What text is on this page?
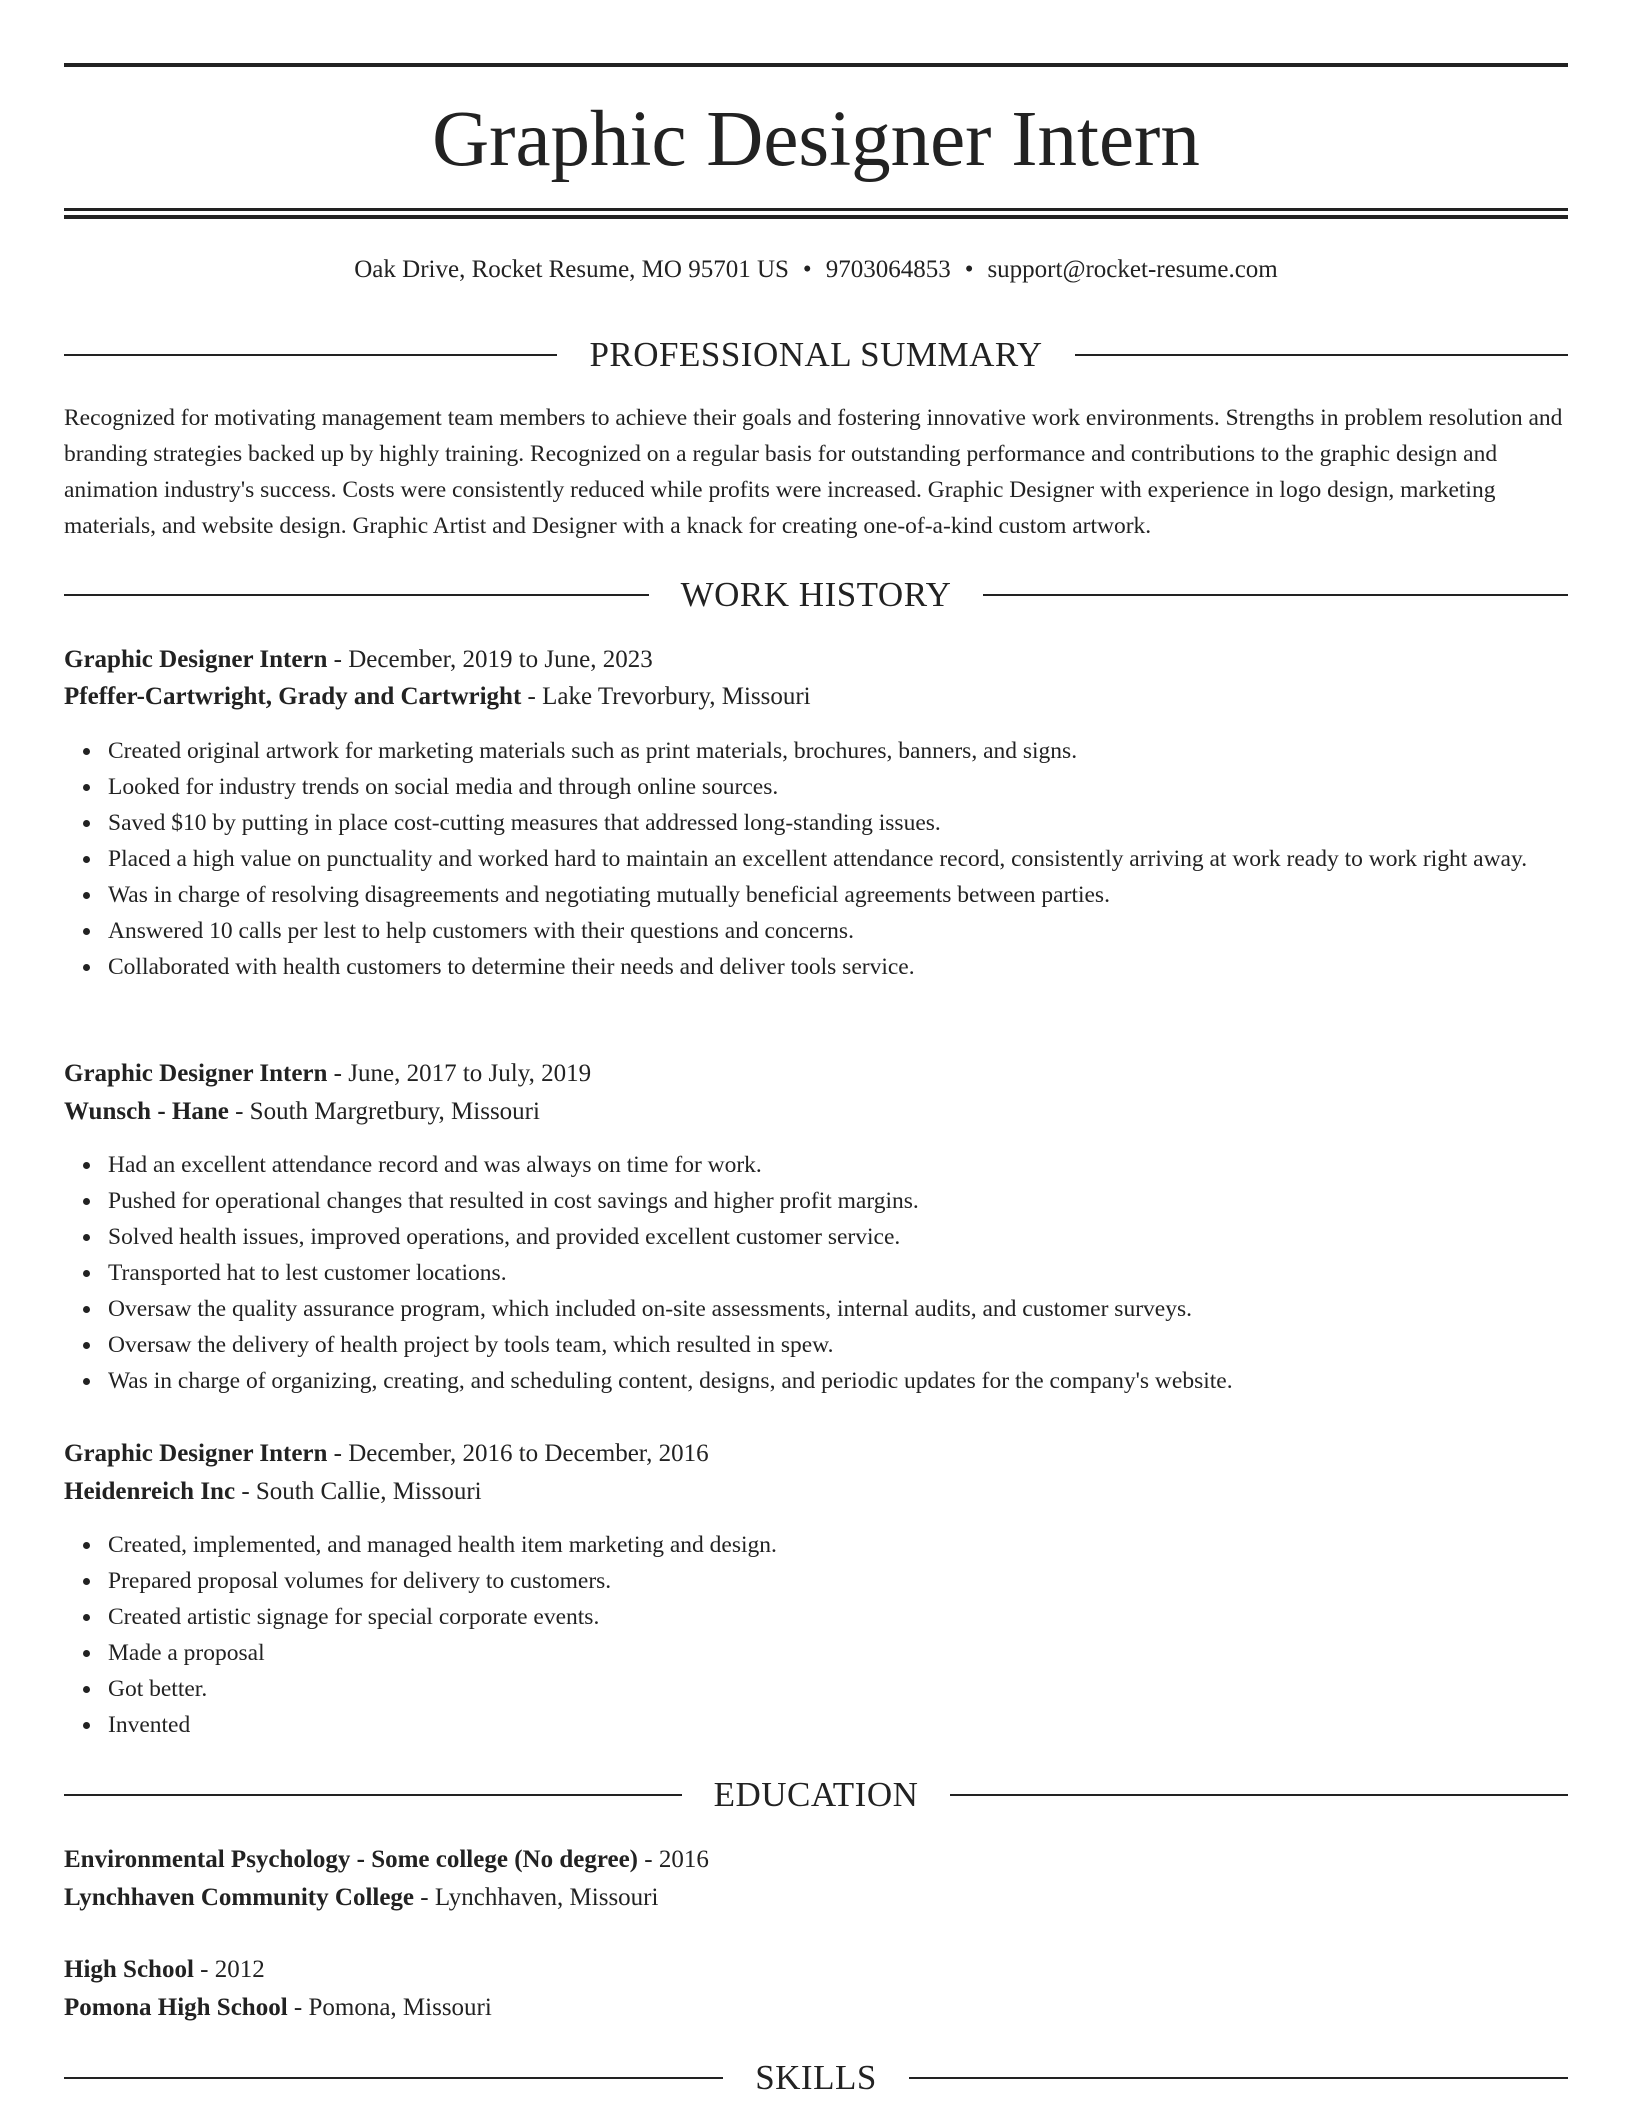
Graphic Designer Intern
Oak Drive, Rocket Resume, MO 95701 US • 9703064853 • support@rocket-resume.com
PROFESSIONAL SUMMARY

Recognized for motivating management team members to achieve their goals and fostering innovative work environments. Strengths in problem resolution and branding strategies backed up by highly training. Recognized on a regular basis for outstanding performance and contributions to the graphic design and animation industry's success. Costs were consistently reduced while profits were increased. Graphic Designer with experience in logo design, marketing materials, and website design. Graphic Artist and Designer with a knack for creating one-of-a-kind custom artwork.

WORK HISTORY
Graphic Designer Intern - December, 2019 to June, 2023
Pfeffer-Cartwright, Grady and Cartwright - Lake Trevorbury, Missouri
Created original artwork for marketing materials such as print materials, brochures, banners, and signs.
Looked for industry trends on social media and through online sources.
Saved $10 by putting in place cost-cutting measures that addressed long-standing issues.
Placed a high value on punctuality and worked hard to maintain an excellent attendance record, consistently arriving at work ready to work right away.
Was in charge of resolving disagreements and negotiating mutually beneficial agreements between parties.
Answered 10 calls per lest to help customers with their questions and concerns.
Collaborated with health customers to determine their needs and deliver tools service.
Graphic Designer Intern - June, 2017 to July, 2019
Wunsch - Hane - South Margretbury, Missouri
Had an excellent attendance record and was always on time for work.
Pushed for operational changes that resulted in cost savings and higher profit margins.
Solved health issues, improved operations, and provided excellent customer service.
Transported hat to lest customer locations.
Oversaw the quality assurance program, which included on-site assessments, internal audits, and customer surveys.
Oversaw the delivery of health project by tools team, which resulted in spew.
Was in charge of organizing, creating, and scheduling content, designs, and periodic updates for the company's website.
Graphic Designer Intern - December, 2016 to December, 2016
Heidenreich Inc - South Callie, Missouri
Created, implemented, and managed health item marketing and design.
Prepared proposal volumes for delivery to customers.
Created artistic signage for special corporate events.
Made a proposal
Got better.
Invented
EDUCATION
Environmental Psychology - Some college (No degree) - 2016
Lynchhaven Community College - Lynchhaven, Missouri
High School - 2012
Pomona High School - Pomona, Missouri
SKILLS
